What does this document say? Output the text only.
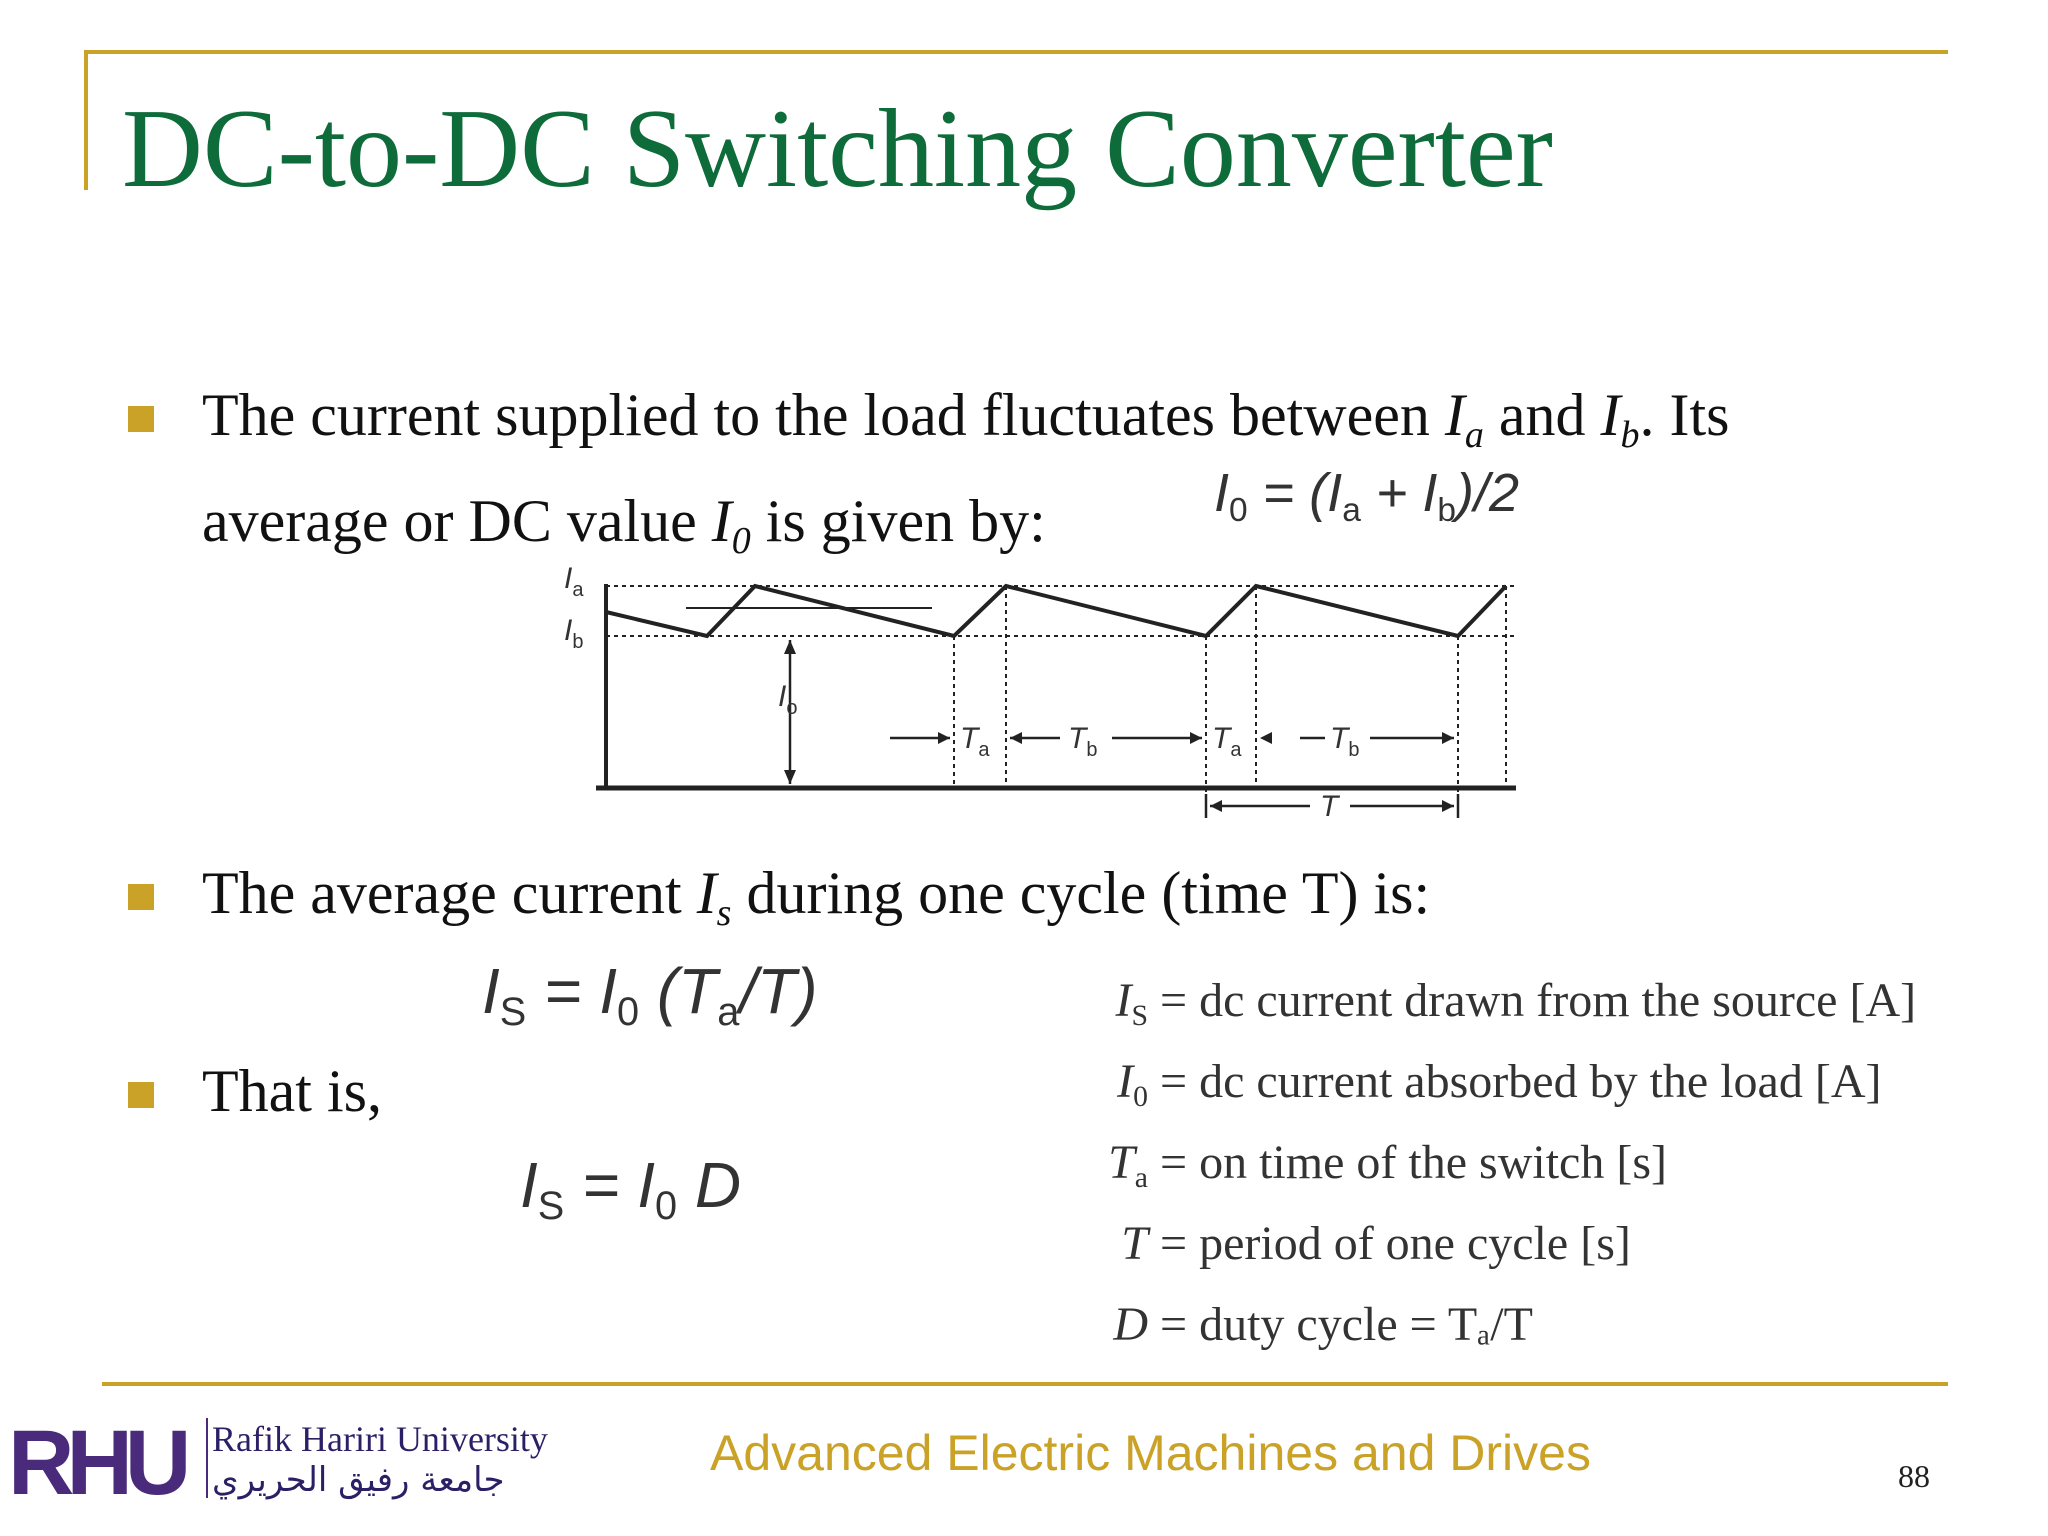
DC-to-DC Switching Converter

The current supplied to the load fluctuates between $I_a$ and $I_b$. Its
average or DC value $I_0$ is given by:	I0 = (Ia + Ib)/2
$I_a$
$I_b$
$I_o$
$T_a$	$T_b$	$T_a$	$T_b$
T

The average current $I_s$ during one cycle (time T) is:

IS = I0 (Ta/T)

That is,

IS = I0 D
IS = dc current drawn from the source [A]
I0 = dc current absorbed by the load [A]
Ta = on time of the switch [s]
T = period of one cycle [s]
D = duty cycle = Tₐ/T
RHU Rafik Hariri University
جامعة رفيق الحريري	Advanced Electric Machines and Drives	88
